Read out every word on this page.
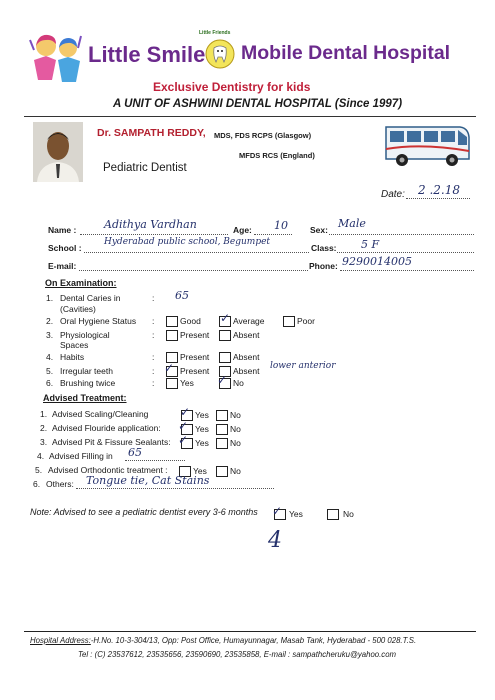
Little Smile
Little Friends
Mobile Dental Hospital
Exclusive Dentistry for kids
A UNIT OF ASHWINI DENTAL HOSPITAL (Since 1997)
Dr. SAMPATH REDDY, MDS, FDS RCPS (Glasgow)
MFDS RCS (England)
Pediatric Dentist
Date: 2 .2.18
Name :	Adithya Vardhan	Age: 10	Sex: Male
School :
Hyderabad public school, Begumpet
Class: 5 F
E-mail:	Phone: 9290014005
On Examination:
1. Dental Caries in
(Cavities)
: 65
2. Oral Hygiene Status :	Good ✓ Average	Poor
3. Physiological
Spaces
:	Present	Absent
4. Habits	:	Present	Absent
5. Irregular teeth	: ✓ Present	Absent lower anterior
6. Brushing twice	:	Yes ✓ No
Advised Treatment:
1. Advised Scaling/Cleaning	✓ Yes No
2. Advised Flouride application: ✓ Yes No
3. Advised Pit & Fissure Sealants: ✓ Yes No
4. Advised Filling in 65
5. Advised Orthodontic treatment :	Yes	No
6. Others: Tongue tie, Cat Stains
Note: Advised to see a pediatric dentist every 3-6 months ✓ Yes	No
4
Hospital Address:-H.No. 10-3-304/13, Opp: Post Office, Humayunnagar, Masab Tank, Hyderabad - 500 028.T.S.
Tel : (C) 23537612, 23535656, 23590690, 23535858, E-mail : sampathcheruku@yahoo.com
